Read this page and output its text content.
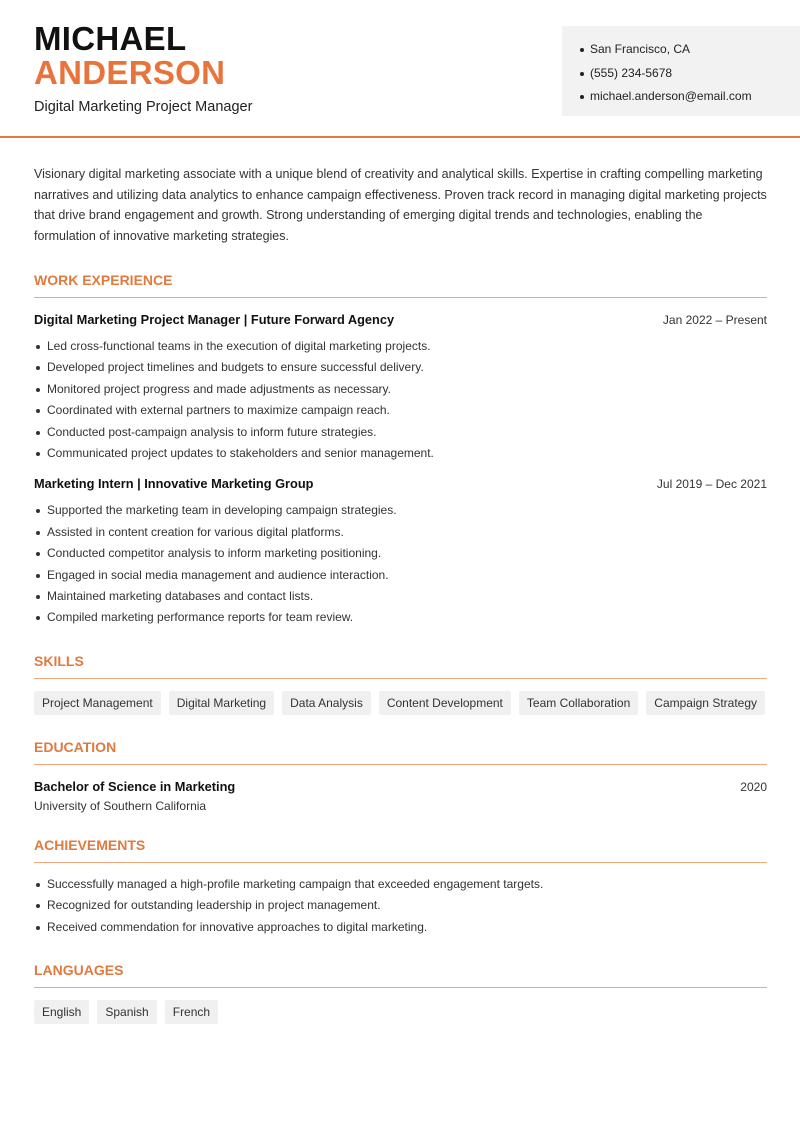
MICHAEL
ANDERSON
Digital Marketing Project Manager
San Francisco, CA
(555) 234-5678
michael.anderson@email.com

Visionary digital marketing associate with a unique blend of creativity and analytical skills. Expertise in crafting compelling marketing narratives and utilizing data analytics to enhance campaign effectiveness. Proven track record in managing digital marketing projects that drive brand engagement and growth. Strong understanding of emerging digital trends and technologies, enabling the formulation of innovative marketing strategies.

WORK EXPERIENCE
Digital Marketing Project Manager | Future Forward Agency	Jan 2022 – Present
Led cross-functional teams in the execution of digital marketing projects.
Developed project timelines and budgets to ensure successful delivery.
Monitored project progress and made adjustments as necessary.
Coordinated with external partners to maximize campaign reach.
Conducted post-campaign analysis to inform future strategies.
Communicated project updates to stakeholders and senior management.
Marketing Intern | Innovative Marketing Group	Jul 2019 – Dec 2021
Supported the marketing team in developing campaign strategies.
Assisted in content creation for various digital platforms.
Conducted competitor analysis to inform marketing positioning.
Engaged in social media management and audience interaction.
Maintained marketing databases and contact lists.
Compiled marketing performance reports for team review.
SKILLS
Project Management	Digital Marketing	Data Analysis	Content Development	Team Collaboration	Campaign Strategy
EDUCATION
Bachelor of Science in Marketing	2020
University of Southern California
ACHIEVEMENTS
Successfully managed a high-profile marketing campaign that exceeded engagement targets.
Recognized for outstanding leadership in project management.
Received commendation for innovative approaches to digital marketing.
LANGUAGES
English	Spanish	French
